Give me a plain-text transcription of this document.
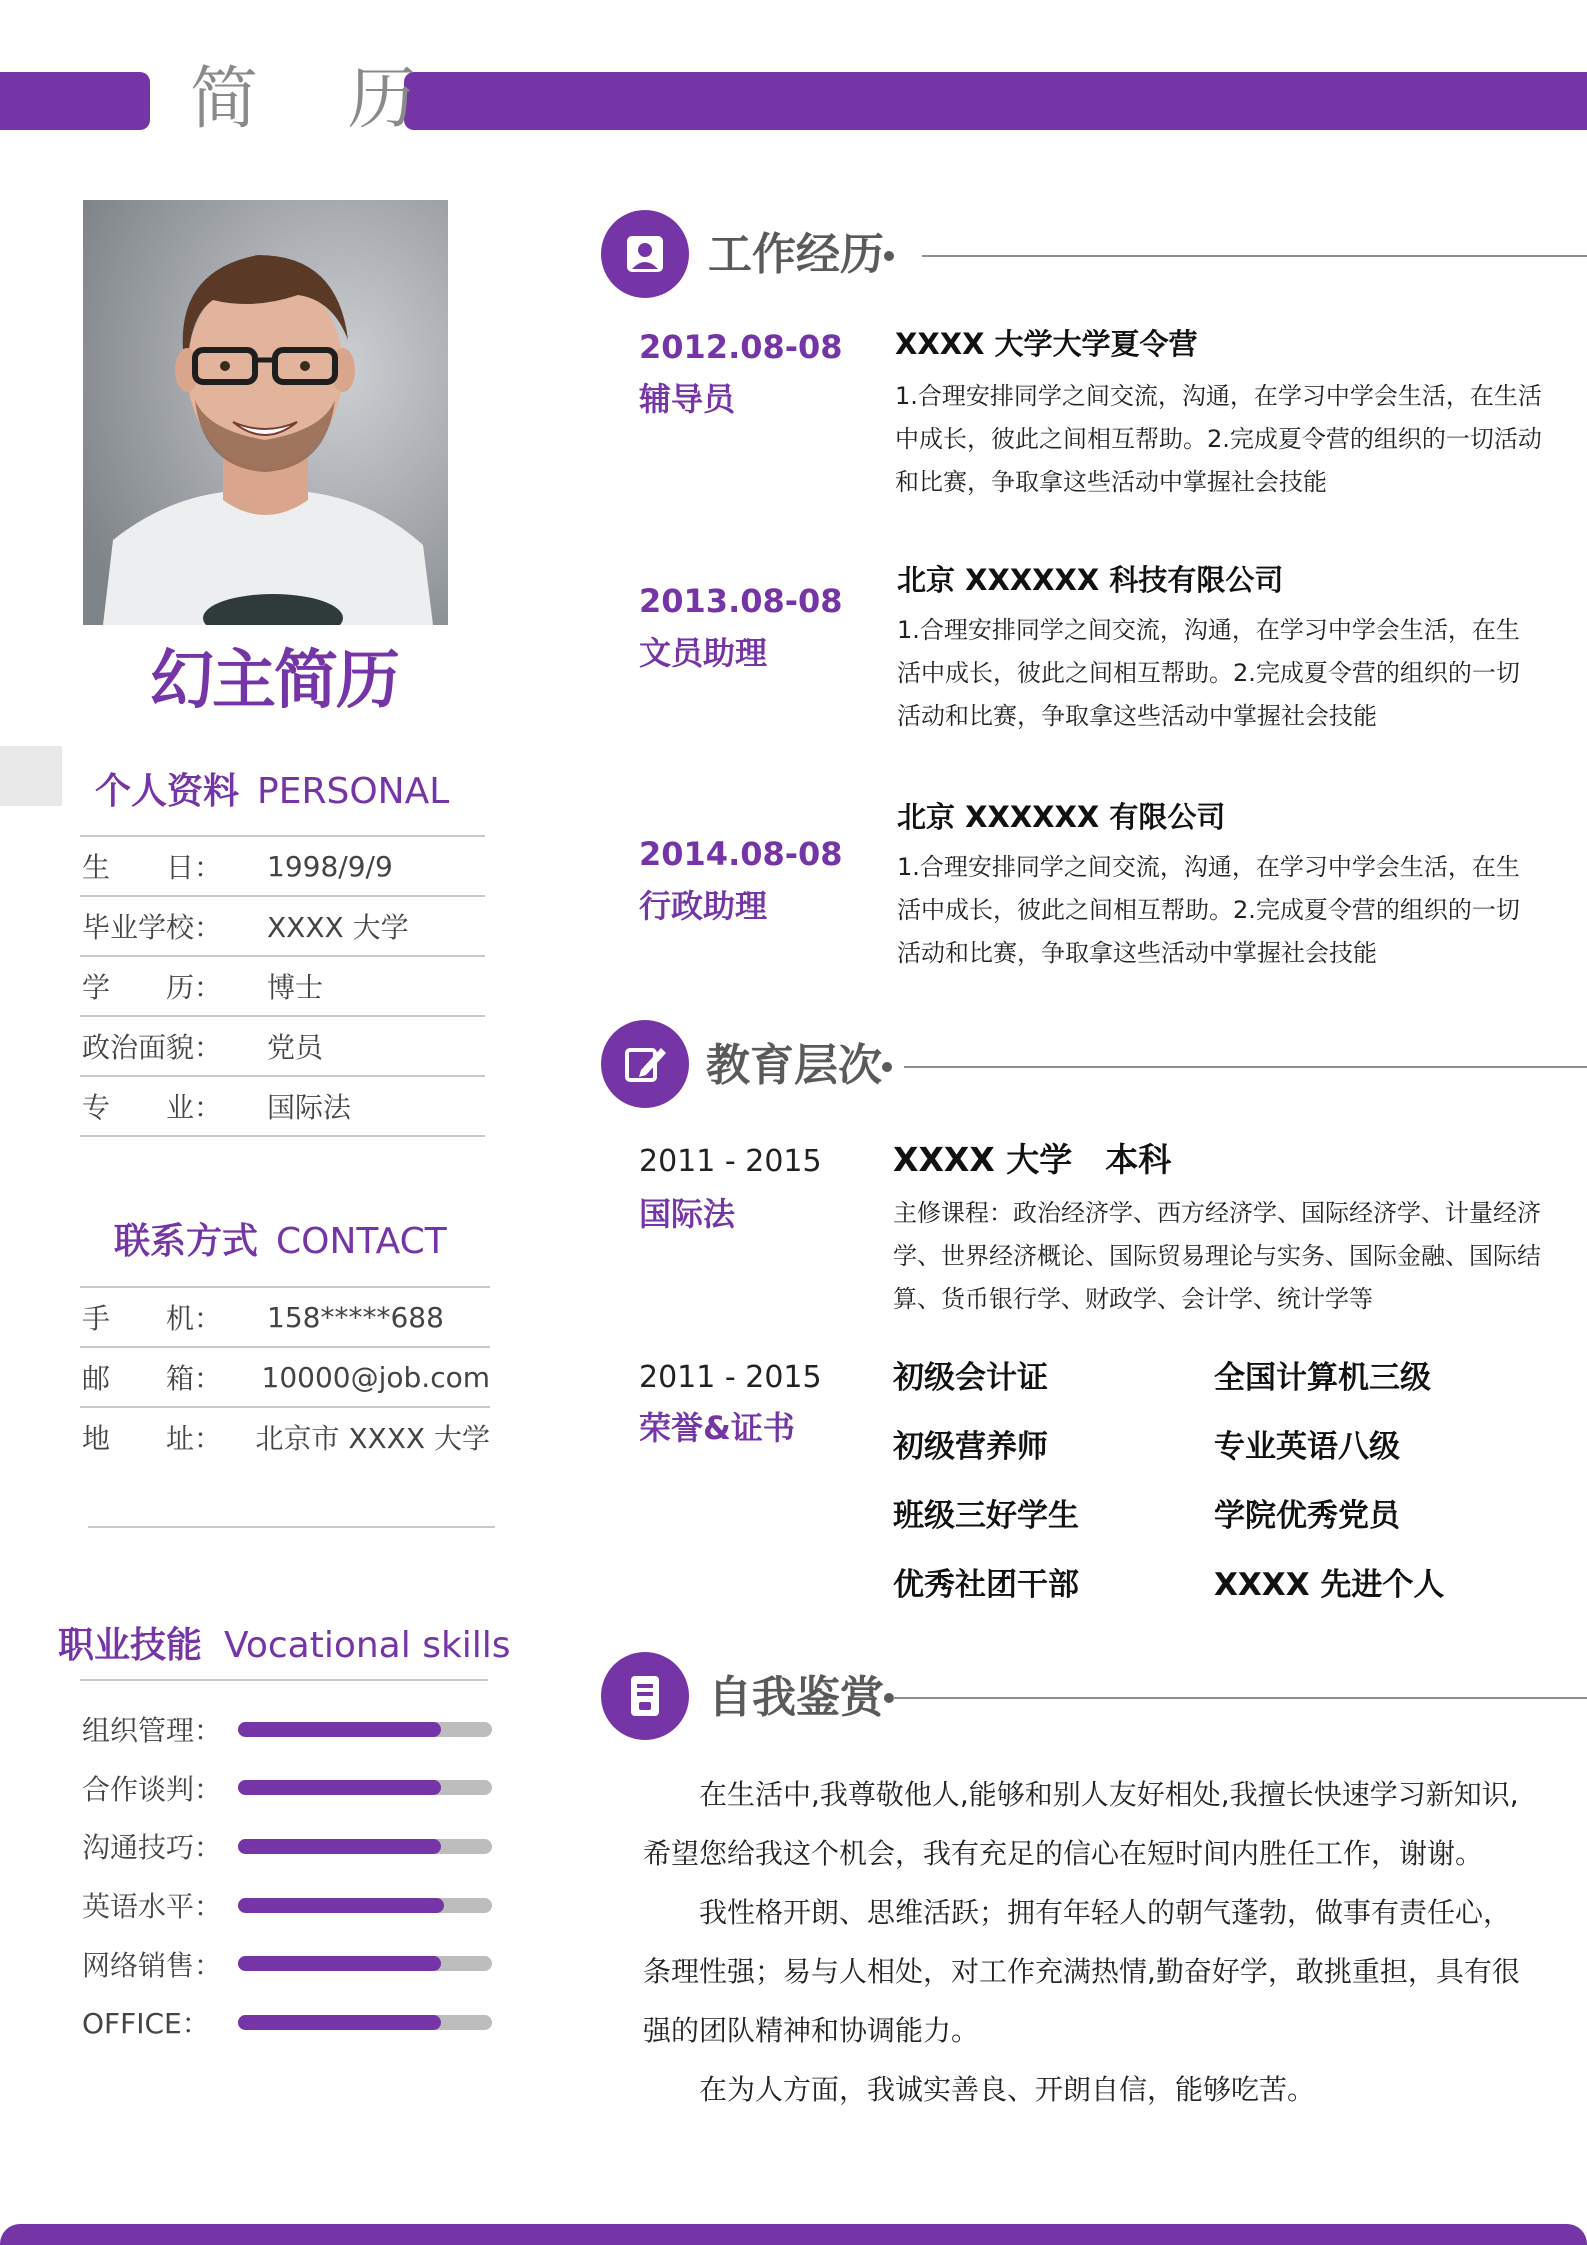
简 历
幻主简历
个人资料 PERSONAL
生　　日：	1998/9/9
毕业学校：	XXXX 大学
学　　历：	博士
政治面貌：	党员
专　　业：	国际法
联系方式 CONTACT
手　　机：	158*****688
邮　　箱：	10000@job.com
地　　址：	北京市 XXXX 大学
职业技能 Vocational skills
组织管理：
合作谈判：
沟通技巧：
英语水平：
网络销售：
OFFICE：
工作经历
2012.08-08
辅导员
XXXX 大学大学夏令营
1.合理安排同学之间交流，沟通，在学习中学会生活，在生活中成长，彼此之间相互帮助。2.完成夏令营的组织的一切活动和比赛，争取拿这些活动中掌握社会技能
2013.08-08
文员助理
北京 XXXXXX 科技有限公司
1.合理安排同学之间交流，沟通，在学习中学会生活，在生活中成长，彼此之间相互帮助。2.完成夏令营的组织的一切活动和比赛，争取拿这些活动中掌握社会技能
2014.08-08
行政助理
北京 XXXXXX 有限公司
1.合理安排同学之间交流，沟通，在学习中学会生活，在生活中成长，彼此之间相互帮助。2.完成夏令营的组织的一切活动和比赛，争取拿这些活动中掌握社会技能
教育层次
2011 - 2015
国际法
XXXX 大学　本科
主修课程：政治经济学、西方经济学、国际经济学、计量经济学、世界经济概论、国际贸易理论与实务、国际金融、国际结算、货币银行学、财政学、会计学、统计学等
2011 - 2015
荣誉&证书
初级会计证	全国计算机三级
初级营养师	专业英语八级
班级三好学生	学院优秀党员
优秀社团干部	XXXX 先进个人
自我鉴赏

在生活中,我尊敬他人,能够和别人友好相处,我擅长快速学习新知识,希望您给我这个机会，我有充足的信心在短时间内胜任工作，谢谢。

我性格开朗、思维活跃；拥有年轻人的朝气蓬勃，做事有责任心，条理性强；易与人相处，对工作充满热情,勤奋好学，敢挑重担，具有很强的团队精神和协调能力。

在为人方面，我诚实善良、开朗自信，能够吃苦。
